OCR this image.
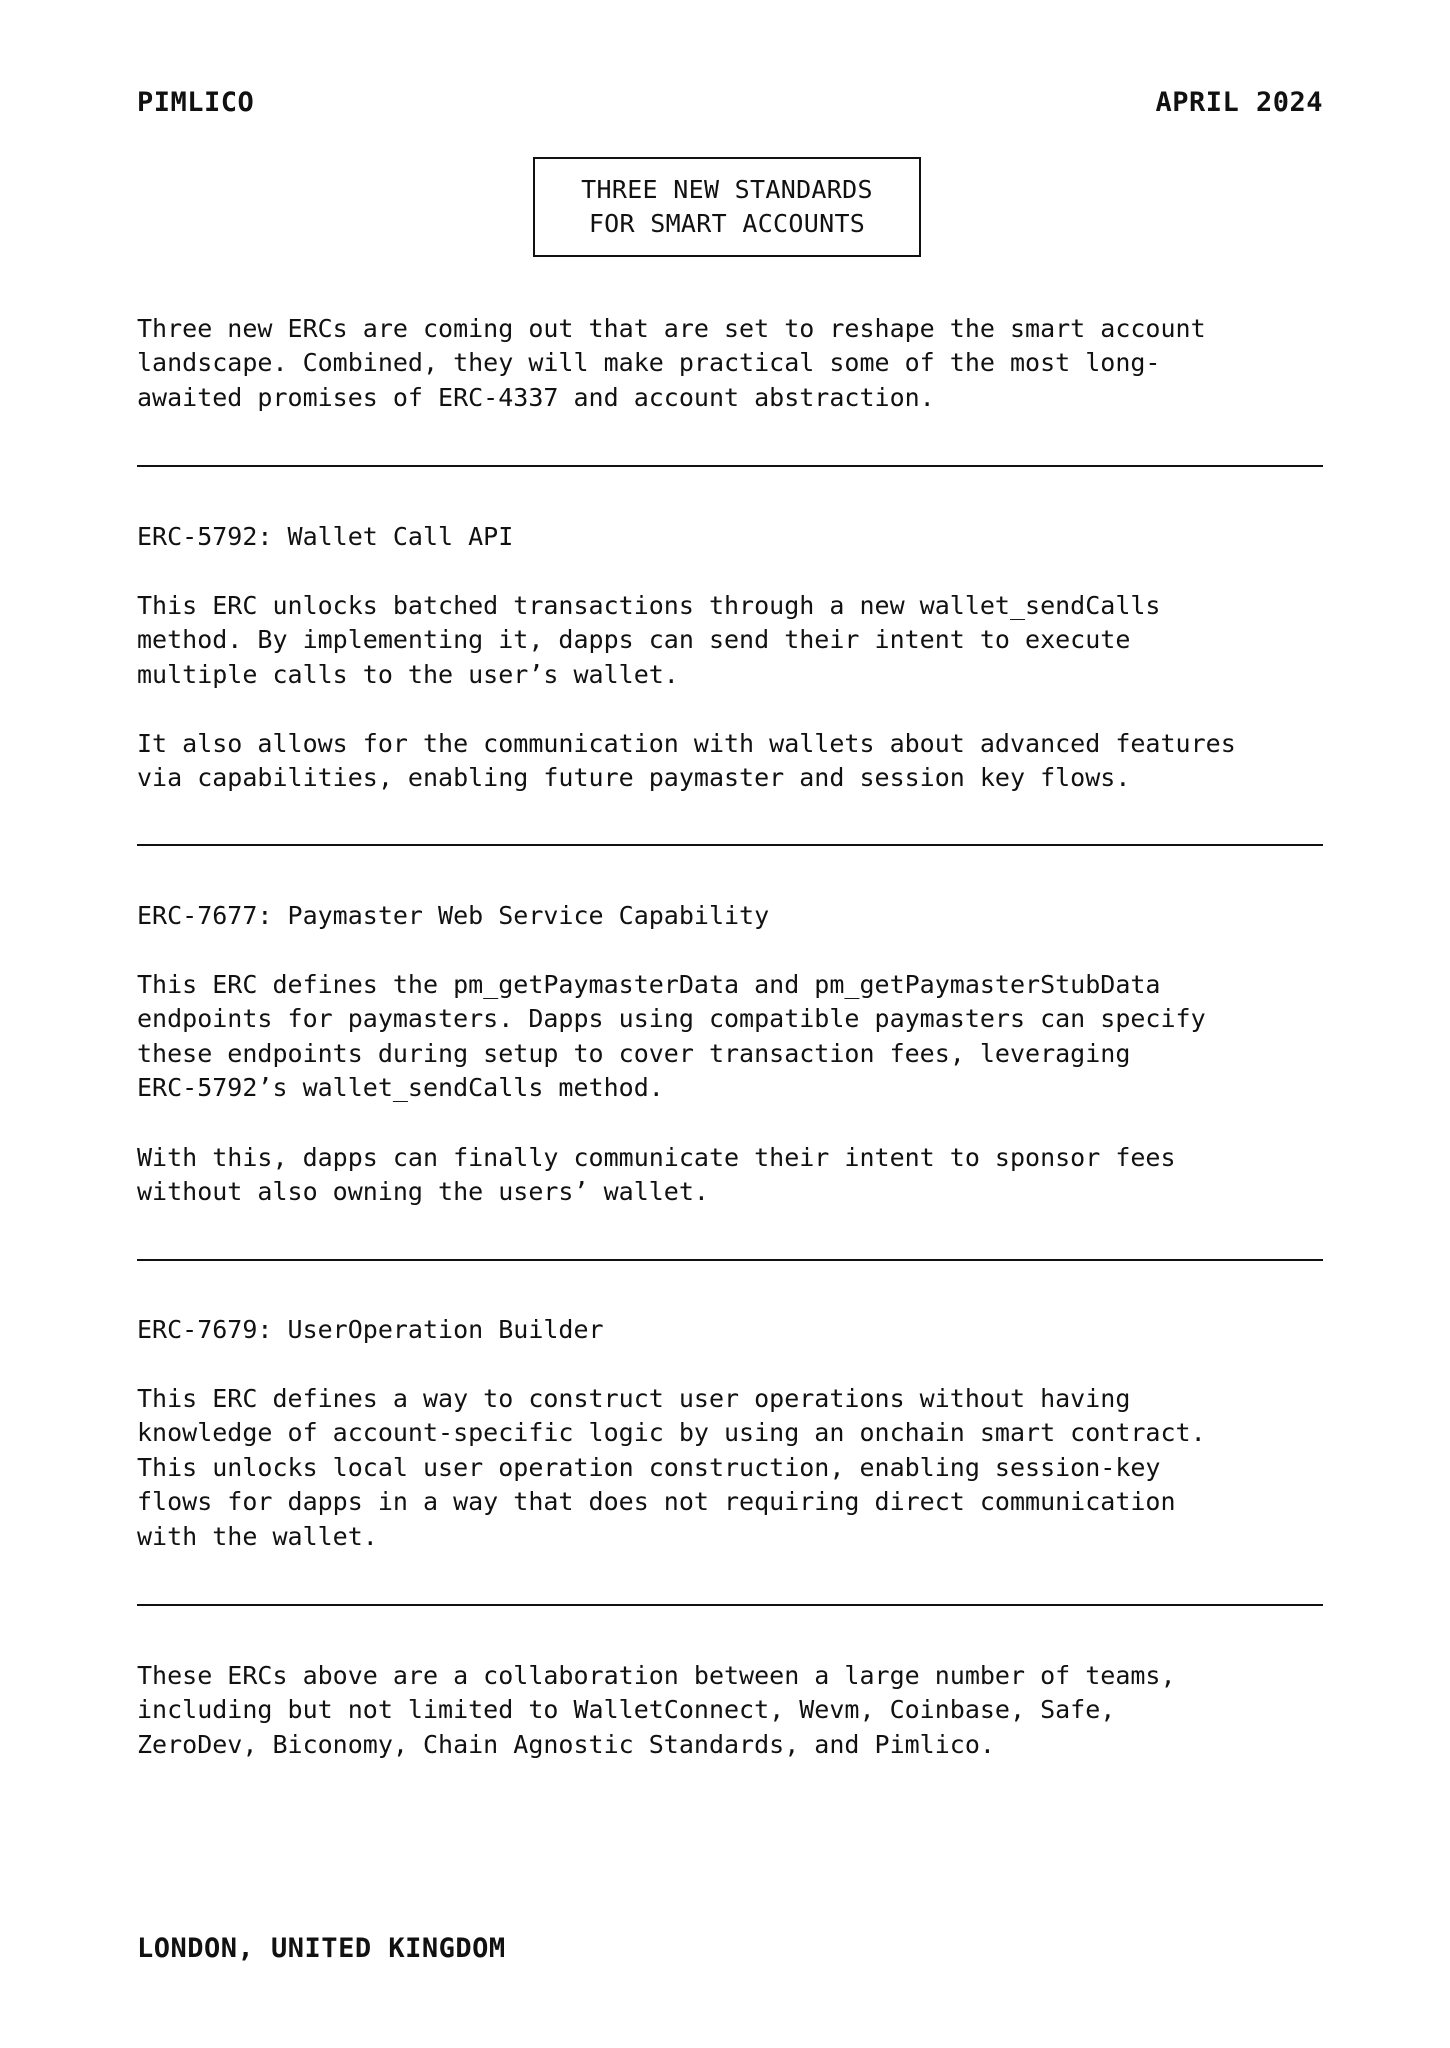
PIMLICO	APRIL 2024
THREE NEW STANDARDS
FOR SMART ACCOUNTS

Three new ERCs are coming out that are set to reshape the smart account
landscape. Combined, they will make practical some of the most long-
awaited promises of ERC-4337 and account abstraction.

ERC-5792: Wallet Call API

This ERC unlocks batched transactions through a new wallet_sendCalls
method. By implementing it, dapps can send their intent to execute
multiple calls to the user’s wallet.

It also allows for the communication with wallets about advanced features
via capabilities, enabling future paymaster and session key flows.

ERC-7677: Paymaster Web Service Capability

This ERC defines the pm_getPaymasterData and pm_getPaymasterStubData
endpoints for paymasters. Dapps using compatible paymasters can specify
these endpoints during setup to cover transaction fees, leveraging
ERC-5792’s wallet_sendCalls method.

With this, dapps can finally communicate their intent to sponsor fees
without also owning the users’ wallet.

ERC-7679: UserOperation Builder

This ERC defines a way to construct user operations without having
knowledge of account-specific logic by using an onchain smart contract.
This unlocks local user operation construction, enabling session-key
flows for dapps in a way that does not requiring direct communication
with the wallet.

These ERCs above are a collaboration between a large number of teams,
including but not limited to WalletConnect, Wevm, Coinbase, Safe,
ZeroDev, Biconomy, Chain Agnostic Standards, and Pimlico.

LONDON, UNITED KINGDOM
